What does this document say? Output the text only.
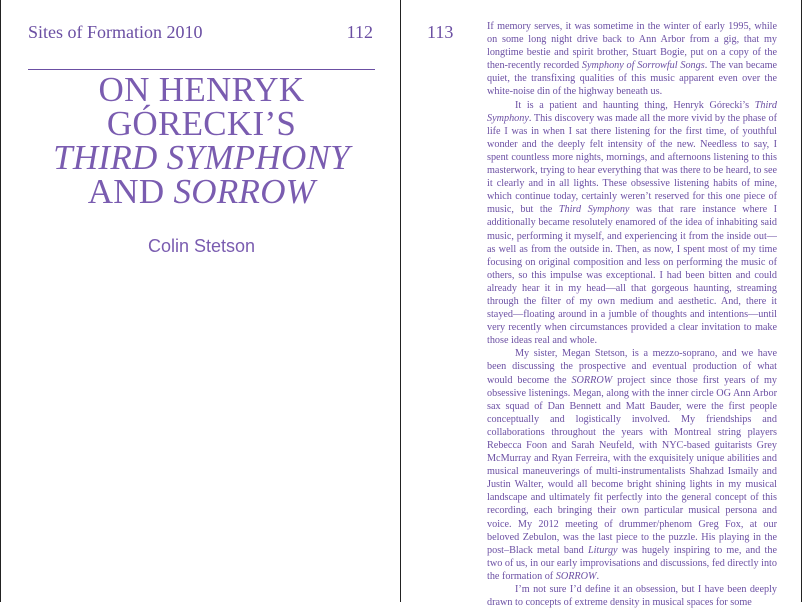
Sites of Formation 2010	112
ON HENRYK
GÓRECKI’S
THIRD SYMPHONY
AND SORROW
Colin Stetson
113	If memory serves, it was sometime in the winter of early 1995, while on some long night drive back to Ann Arbor from a gig, that my longtime bestie and spirit brother, Stuart Bogie, put on a copy of the then-recently recorded Symphony of Sorrowful Songs. The van became quiet, the transfixing qualities of this music apparent even over the white-noise din of the highway beneath us.

It is a patient and haunting thing, Henryk Górecki’s Third Symphony. This discovery was made all the more vivid by the phase of life I was in when I sat there listening for the first time, of youthful wonder and the deeply felt intensity of the new. Needless to say, I spent countless more nights, mornings, and afternoons listening to this masterwork, trying to hear everything that was there to be heard, to see it clearly and in all lights. These obsessive listening habits of mine, which continue today, certainly weren’t reserved for this one piece of music, but the Third Symphony was that rare instance where I additionally became resolutely enamored of the idea of inhabiting said music, performing it myself, and experiencing it from the inside out—as well as from the outside in. Then, as now, I spent most of my time focusing on original composition and less on performing the music of others, so this impulse was exceptional. I had been bitten and could already hear it in my head—all that gorgeous haunting, streaming through the filter of my own medium and aesthetic. And, there it stayed—floating around in a jumble of thoughts and intentions—until very recently when circumstances provided a clear invitation to make those ideas real and whole.

My sister, Megan Stetson, is a mezzo-soprano, and we have been discussing the prospective and eventual production of what would become the SORROW project since those first years of my obsessive listenings. Megan, along with the inner circle OG Ann Arbor sax squad of Dan Bennett and Matt Bauder, were the first people conceptually and logistically involved. My friendships and collaborations throughout the years with Montreal string players Rebecca Foon and Sarah Neufeld, with NYC-based guitarists Grey McMurray and Ryan Ferreira, with the exquisitely unique abilities and musical maneuverings of multi-instrumentalists Shahzad Ismaily and Justin Walter, would all become bright shining lights in my musical landscape and ultimately fit perfectly into the general concept of this recording, each bringing their own particular musical persona and voice. My 2012 meeting of drummer/phenom Greg Fox, at our beloved Zebulon, was the last piece to the puzzle. His playing in the post–Black metal band Liturgy was hugely inspiring to me, and the two of us, in our early improvisations and discussions, fed directly into the formation of SORROW.

I’m not sure I’d define it an obsession, but I have been deeply drawn to concepts of extreme density in musical spaces for some
